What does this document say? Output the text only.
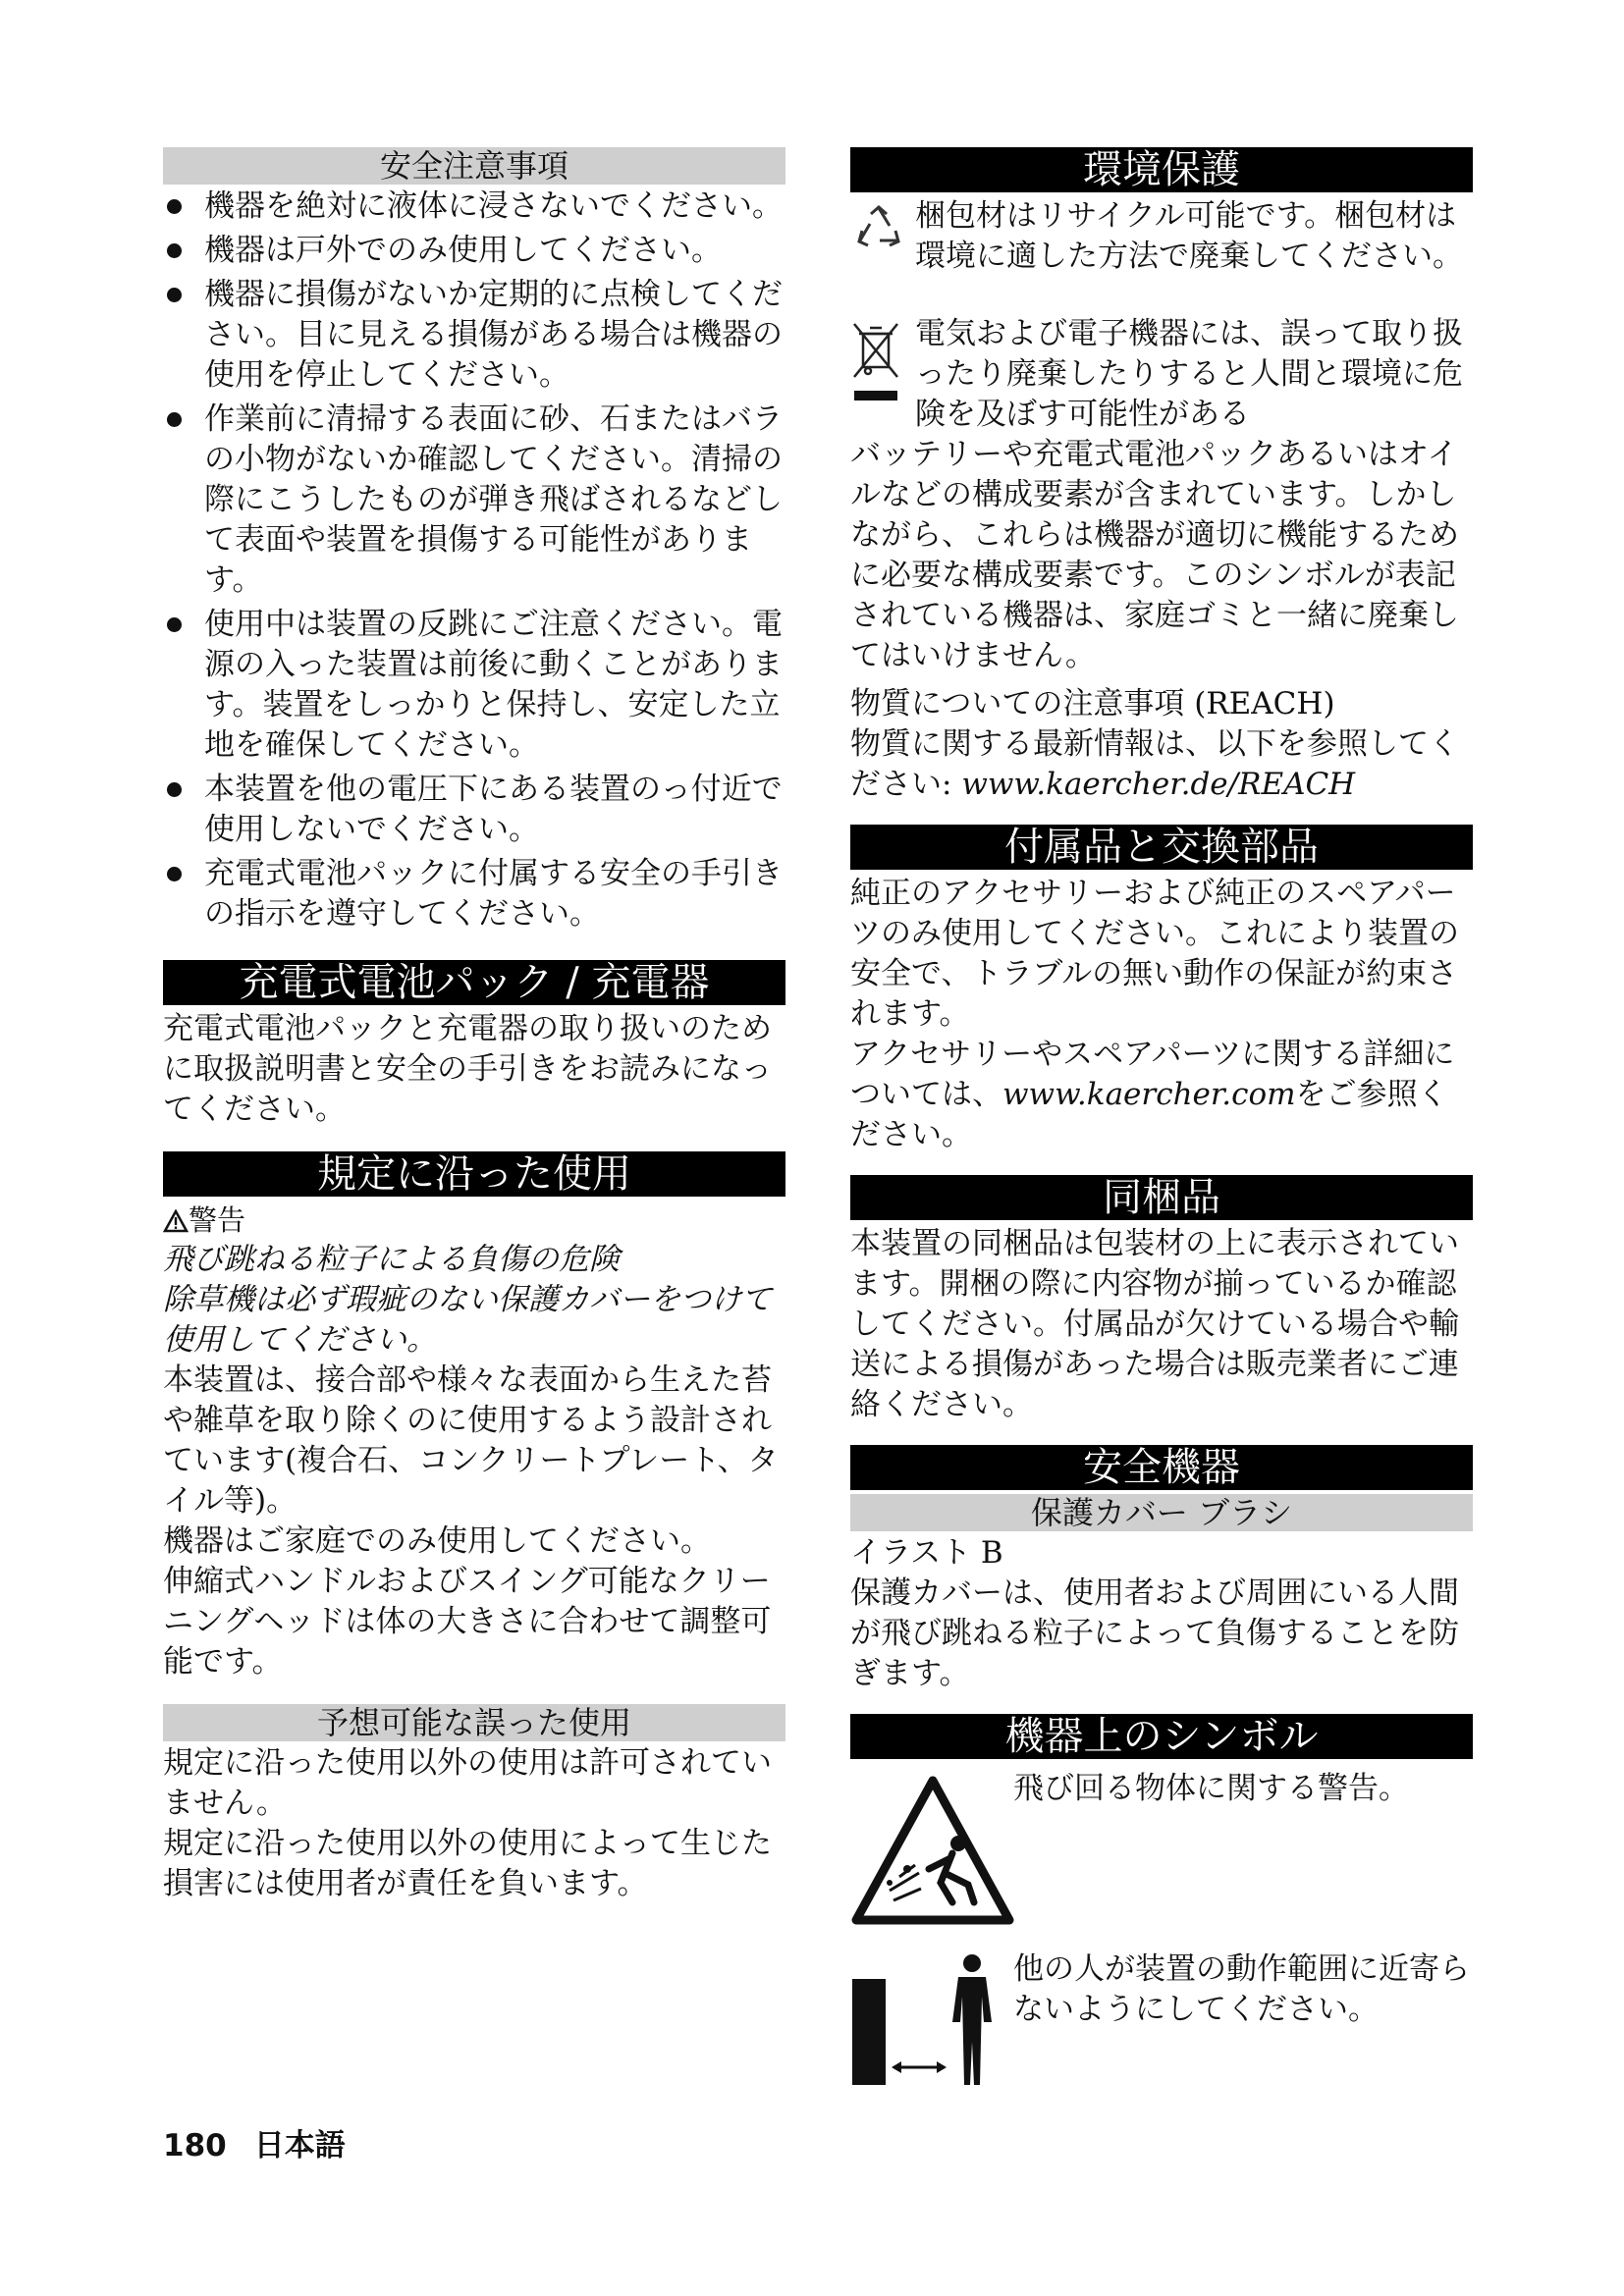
安全注意事項
機器を絶対に液体に浸さないでください。
機器は戸外でのみ使用してください。
機器に損傷がないか定期的に点検してください。目に見える損傷がある場合は機器の使用を停止してください。
作業前に清掃する表面に砂、石またはバラの小物がないか確認してください。清掃の際にこうしたものが弾き飛ばされるなどして表面や装置を損傷する可能性があります。
使用中は装置の反跳にご注意ください。電源の入った装置は前後に動くことがあります。装置をしっかりと保持し、安定した立地を確保してください。
本装置を他の電圧下にある装置のっ付近で使用しないでください。
充電式電池パックに付属する安全の手引きの指示を遵守してください。
充電式電池パック / 充電器

充電式電池パックと充電器の取り扱いのために取扱説明書と安全の手引きをお読みになってください。

規定に沿った使用
警告

飛び跳ねる粒子による負傷の危険

除草機は必ず瑕疵のない保護カバーをつけて使用してください。

本装置は、接合部や様々な表面から生えた苔や雑草を取り除くのに使用するよう設計されています(複合石、コンクリートプレート、タイル等)。

機器はご家庭でのみ使用してください。

伸縮式ハンドルおよびスイング可能なクリーニングヘッドは体の大きさに合わせて調整可能です。

予想可能な誤った使用

規定に沿った使用以外の使用は許可されていません。

規定に沿った使用以外の使用によって生じた損害には使用者が責任を負います。

環境保護

梱包材はリサイクル可能です。梱包材は環境に適した方法で廃棄してください。

電気および電子機器には、誤って取り扱ったり廃棄したりすると人間と環境に危険を及ぼす可能性がある

バッテリーや充電式電池パックあるいはオイルなどの構成要素が含まれています。しかしながら、これらは機器が適切に機能するために必要な構成要素です。このシンボルが表記されている機器は、家庭ゴミと一緒に廃棄してはいけません。

物質についての注意事項 (REACH)

物質に関する最新情報は、以下を参照してください: www.kaercher.de/REACH

付属品と交換部品

純正のアクセサリーおよび純正のスペアパーツのみ使用してください。これにより装置の安全で、トラブルの無い動作の保証が約束されます。

アクセサリーやスペアパーツに関する詳細については、www.kaercher.comをご参照ください。

同梱品

本装置の同梱品は包装材の上に表示されています。開梱の際に内容物が揃っているか確認してください。付属品が欠けている場合や輸送による損傷があった場合は販売業者にご連絡ください。

安全機器
保護カバー ブラシ

イラスト B

保護カバーは、使用者および周囲にいる人間が飛び跳ねる粒子によって負傷することを防ぎます。

機器上のシンボル

飛び回る物体に関する警告。

他の人が装置の動作範囲に近寄らないようにしてください。

180 日本語
